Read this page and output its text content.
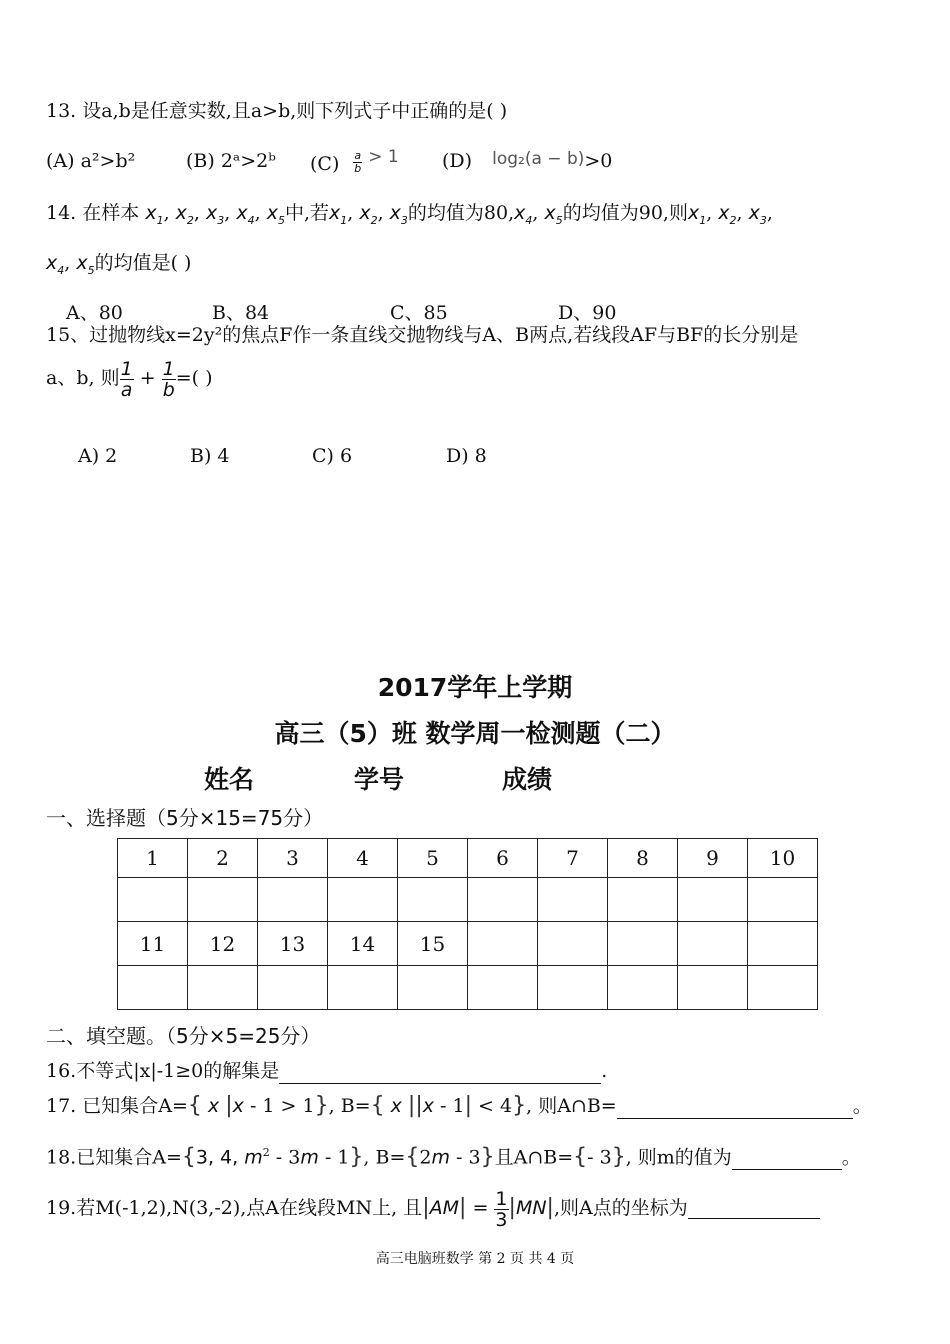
13. 设a,b是任意实数,且a>b,则下列式子中正确的是( )
(A) a²>b²	(B) 2ᵃ>2ᵇ $(C) \frac{a}{b} > 1$ (D) log₂(a − b)>0
14. 在样本 $x_1$, $x_2$, $x_3$, $x_4$, $x_5$中,若$x_1$, $x_2$, $x_3$的均值为$80,x_4$, $x_5$的均值为90,则$x_1$, $x_2$, $x_3$,
$x_4$, $x_5$的均值是( )
A、80	B、84	C、85	D、90
15、过抛物线x=2y²的焦点F作一条直线交抛物线与A、B两点,若线段AF与BF的长分别是
a、b, 则 $\frac{1}{a} + \frac{1}{b}$ =( )
A) 2	B) 4	C) 6	D) 8
2017学年上学期
高三（5）班 数学周一检测题（二）
姓名	学号	成绩
一、选择题（5分×15=75分）
1	2	3	4	5	6	7	8	9	10

11	12	13	14	15					

二、填空题。（5分×5=25分）
16.不等式|x|-1≥0的解集是	.
17. 已知集合A={ x |x - 1 > 1}, B={ x ||x - 1| < 4}, 则A∩B=	。
18.已知集合A={3, 4, $m^2 - 3m - 1$}, B={2m - 3}且A∩B={- 3}, 则m的值为	。
19.若M(-1,2),N(3,-2),点A在线段MN上, 且$|AM| = \frac{1}{3} |MN|$,则A点的坐标为
高三电脑班数学 第 2 页 共 4 页
